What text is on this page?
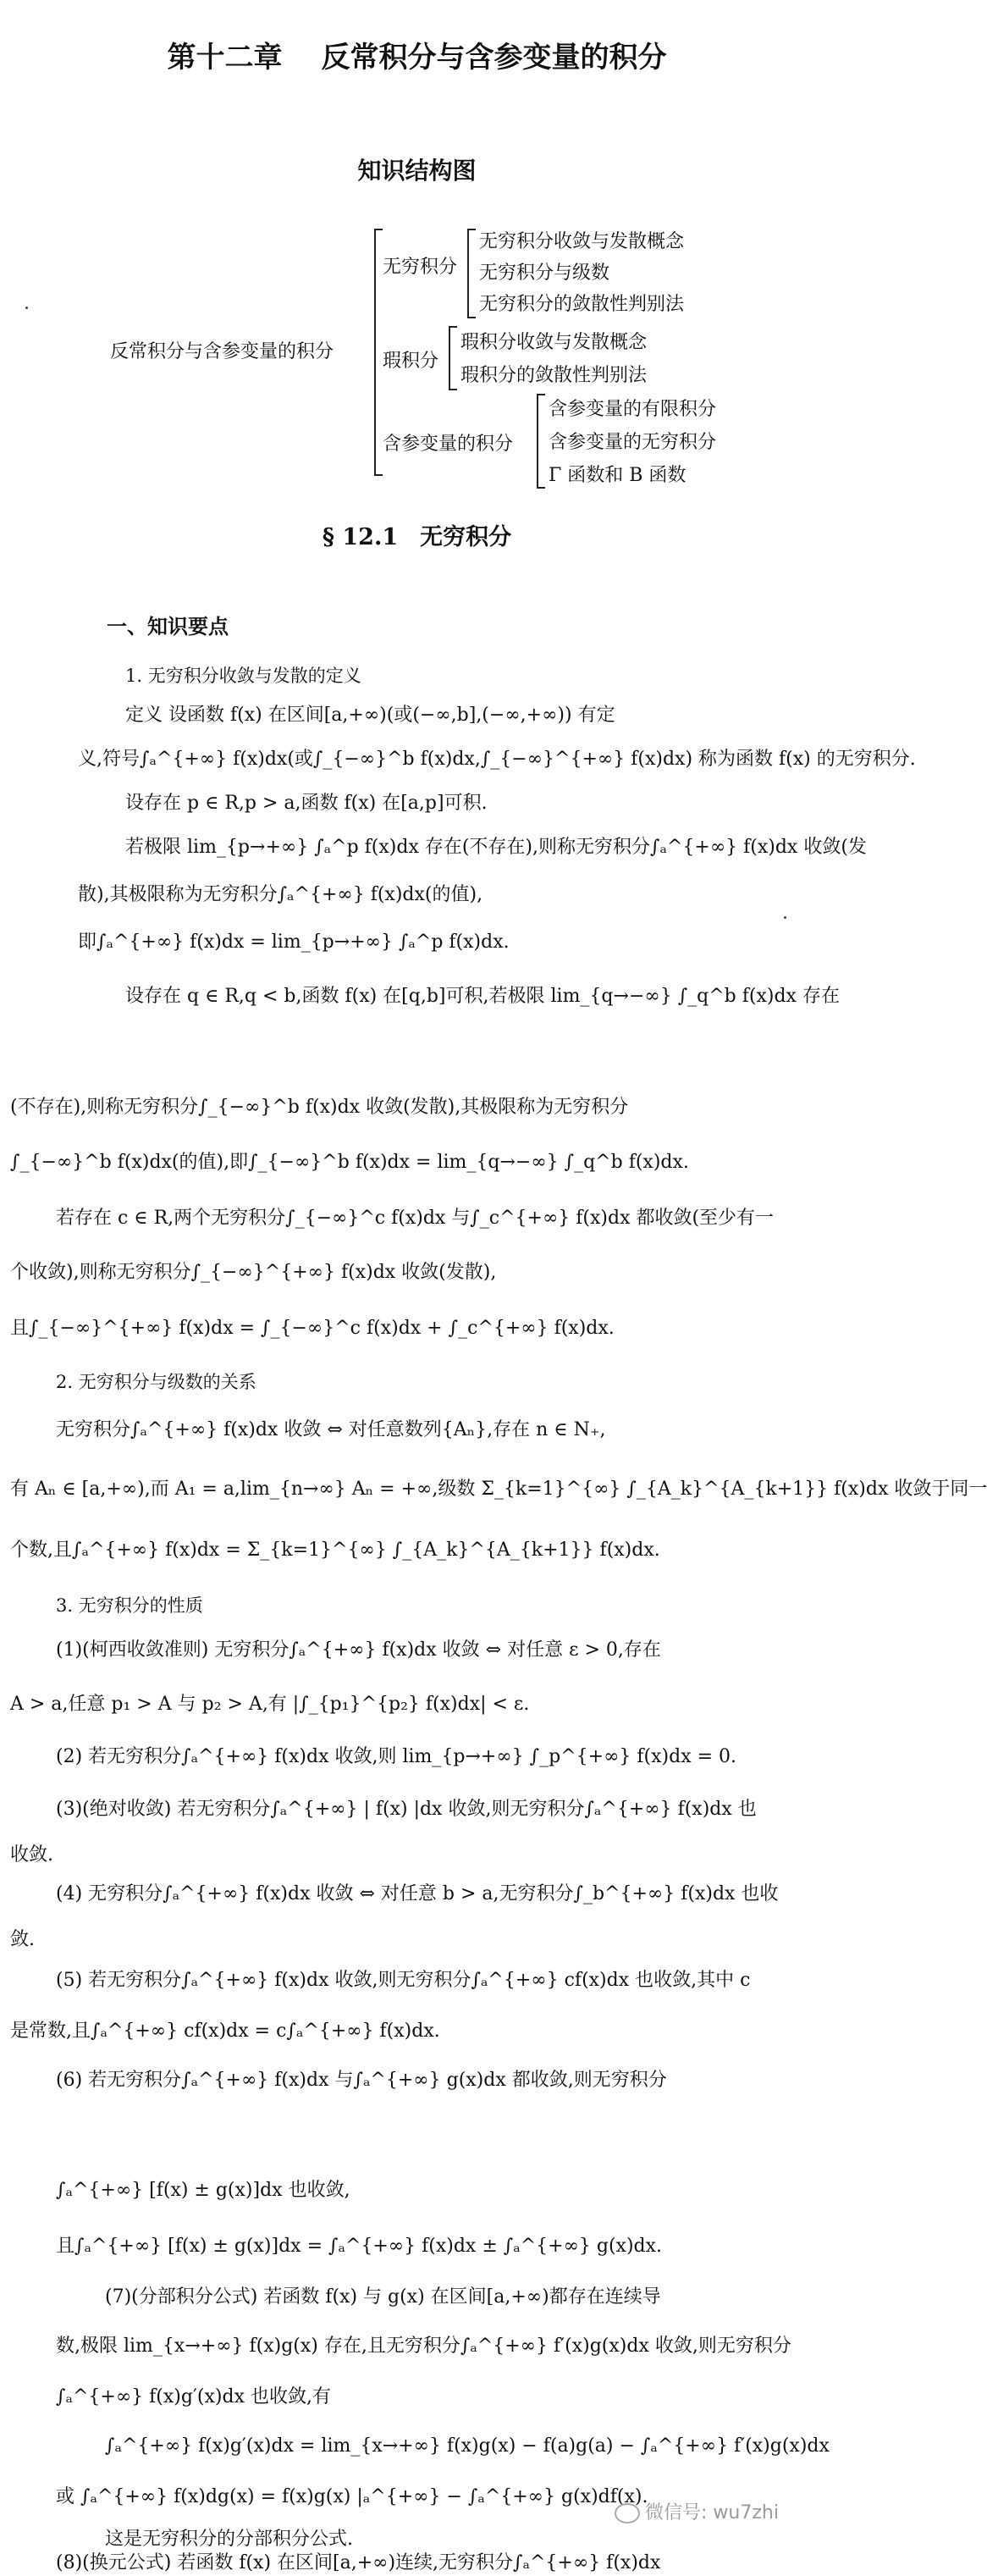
第十二章 反常积分与含参变量的积分
知识结构图
反常积分与含参变量的积分
无穷积分
无穷积分收敛与发散概念
无穷积分与级数
无穷积分的敛散性判别法
瑕积分
瑕积分收敛与发散概念
瑕积分的敛散性判别法
含参变量的积分
含参变量的有限积分
含参变量的无穷积分
Γ 函数和 B 函数
§ 12.1 无穷积分
一、知识要点
1. 无穷积分收敛与发散的定义
定义 设函数 f(x) 在区间[a,+∞)(或(−∞,b],(−∞,+∞)) 有定
义,符号∫ₐ^{+∞} f(x)dx(或∫_{−∞}^b f(x)dx,∫_{−∞}^{+∞} f(x)dx) 称为函数 f(x) 的无穷积分.
设存在 p ∈ R,p > a,函数 f(x) 在[a,p]可积.
若极限 lim_{p→+∞} ∫ₐ^p f(x)dx 存在(不存在),则称无穷积分∫ₐ^{+∞} f(x)dx 收敛(发
散),其极限称为无穷积分∫ₐ^{+∞} f(x)dx(的值),
即∫ₐ^{+∞} f(x)dx = lim_{p→+∞} ∫ₐ^p f(x)dx.
设存在 q ∈ R,q < b,函数 f(x) 在[q,b]可积,若极限 lim_{q→−∞} ∫_q^b f(x)dx 存在
(不存在),则称无穷积分∫_{−∞}^b f(x)dx 收敛(发散),其极限称为无穷积分
∫_{−∞}^b f(x)dx(的值),即∫_{−∞}^b f(x)dx = lim_{q→−∞} ∫_q^b f(x)dx.
若存在 c ∈ R,两个无穷积分∫_{−∞}^c f(x)dx 与∫_c^{+∞} f(x)dx 都收敛(至少有一
个收敛),则称无穷积分∫_{−∞}^{+∞} f(x)dx 收敛(发散),
且∫_{−∞}^{+∞} f(x)dx = ∫_{−∞}^c f(x)dx + ∫_c^{+∞} f(x)dx.
2. 无穷积分与级数的关系
无穷积分∫ₐ^{+∞} f(x)dx 收敛 ⇔ 对任意数列{Aₙ},存在 n ∈ N₊,
有 Aₙ ∈ [a,+∞),而 A₁ = a,lim_{n→∞} Aₙ = +∞,级数 Σ_{k=1}^{∞} ∫_{A_k}^{A_{k+1}} f(x)dx 收敛于同一
个数,且∫ₐ^{+∞} f(x)dx = Σ_{k=1}^{∞} ∫_{A_k}^{A_{k+1}} f(x)dx.
3. 无穷积分的性质
(1)(柯西收敛准则) 无穷积分∫ₐ^{+∞} f(x)dx 收敛 ⇔ 对任意 ε > 0,存在
A > a,任意 p₁ > A 与 p₂ > A,有 |∫_{p₁}^{p₂} f(x)dx| < ε.
(2) 若无穷积分∫ₐ^{+∞} f(x)dx 收敛,则 lim_{p→+∞} ∫_p^{+∞} f(x)dx = 0.
(3)(绝对收敛) 若无穷积分∫ₐ^{+∞} | f(x) |dx 收敛,则无穷积分∫ₐ^{+∞} f(x)dx 也
收敛.
(4) 无穷积分∫ₐ^{+∞} f(x)dx 收敛 ⇔ 对任意 b > a,无穷积分∫_b^{+∞} f(x)dx 也收
敛.
(5) 若无穷积分∫ₐ^{+∞} f(x)dx 收敛,则无穷积分∫ₐ^{+∞} cf(x)dx 也收敛,其中 c
是常数,且∫ₐ^{+∞} cf(x)dx = c∫ₐ^{+∞} f(x)dx.
(6) 若无穷积分∫ₐ^{+∞} f(x)dx 与∫ₐ^{+∞} g(x)dx 都收敛,则无穷积分
∫ₐ^{+∞} [f(x) ± g(x)]dx 也收敛,
且∫ₐ^{+∞} [f(x) ± g(x)]dx = ∫ₐ^{+∞} f(x)dx ± ∫ₐ^{+∞} g(x)dx.
(7)(分部积分公式) 若函数 f(x) 与 g(x) 在区间[a,+∞)都存在连续导
数,极限 lim_{x→+∞} f(x)g(x) 存在,且无穷积分∫ₐ^{+∞} f′(x)g(x)dx 收敛,则无穷积分
∫ₐ^{+∞} f(x)g′(x)dx 也收敛,有
∫ₐ^{+∞} f(x)g′(x)dx = lim_{x→+∞} f(x)g(x) − f(a)g(a) − ∫ₐ^{+∞} f′(x)g(x)dx
或 ∫ₐ^{+∞} f(x)dg(x) = f(x)g(x) |ₐ^{+∞} − ∫ₐ^{+∞} g(x)df(x).
这是无穷积分的分部积分公式.
(8)(换元公式) 若函数 f(x) 在区间[a,+∞)连续,无穷积分∫ₐ^{+∞} f(x)dx
微信号: wu7zhi
